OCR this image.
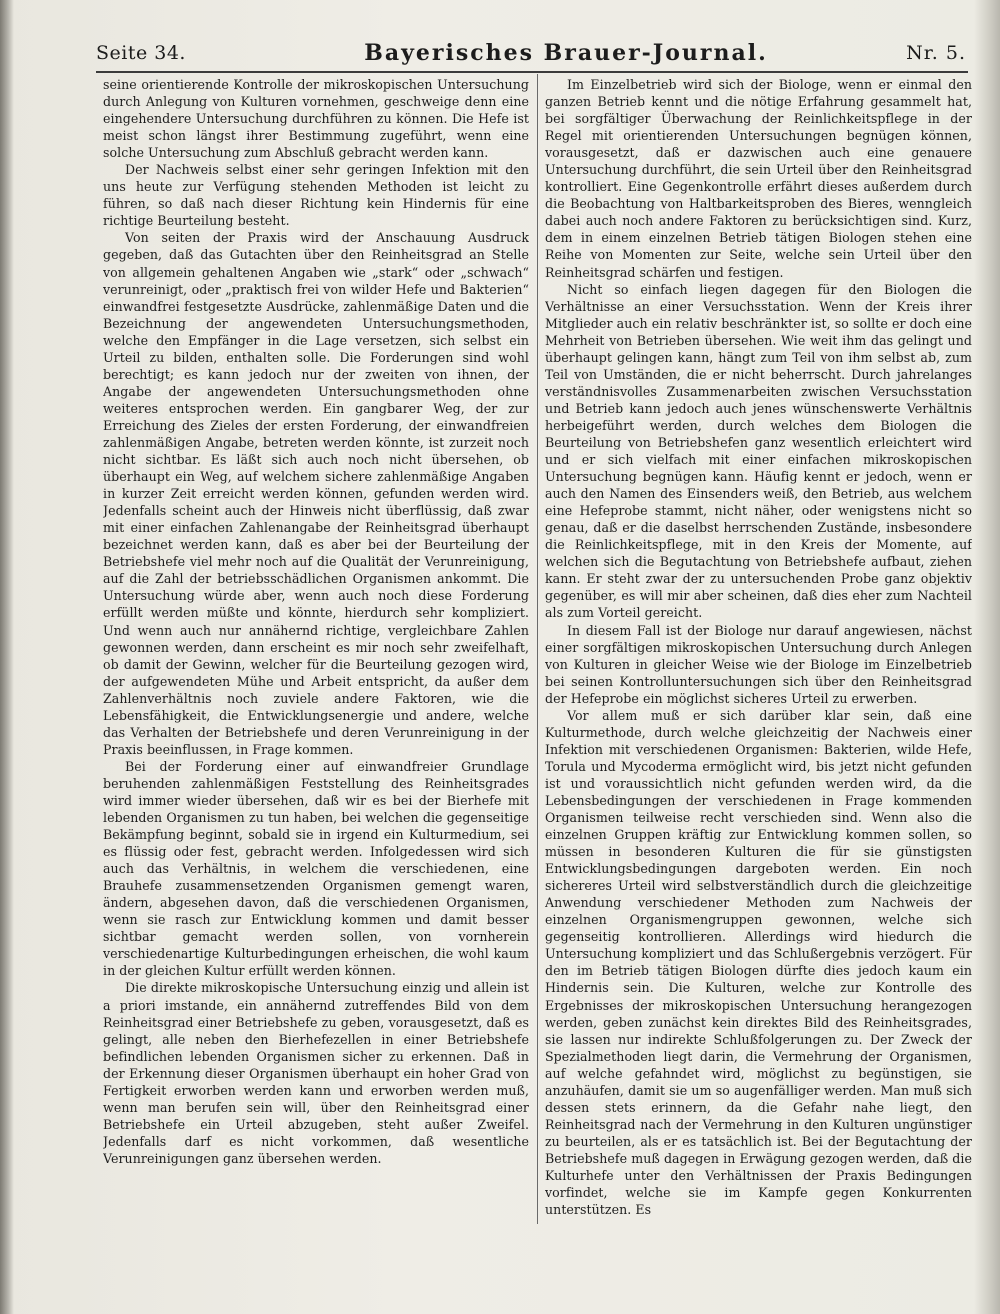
Seite 34.	Bayerisches Brauer-Journal.	Nr. 5.

seine orientierende Kontrolle der mikroskopischen Untersuchung durch Anlegung von Kulturen vornehmen, geschweige denn eine eingehendere Untersuchung durchführen zu können. Die Hefe ist meist schon längst ihrer Bestimmung zugeführt, wenn eine solche Untersuchung zum Abschluß gebracht werden kann.

Der Nachweis selbst einer sehr geringen Infektion mit den uns heute zur Verfügung stehenden Methoden ist leicht zu führen, so daß nach dieser Richtung kein Hindernis für eine richtige Beurteilung besteht.

Von seiten der Praxis wird der Anschauung Ausdruck gegeben, daß das Gutachten über den Reinheitsgrad an Stelle von allgemein gehaltenen Angaben wie „stark“ oder „schwach“ verunreinigt, oder „praktisch frei von wilder Hefe und Bakterien“ einwandfrei festgesetzte Ausdrücke, zahlenmäßige Daten und die Bezeichnung der angewendeten Untersuchungsmethoden, welche den Empfänger in die Lage versetzen, sich selbst ein Urteil zu bilden, enthalten solle. Die Forderungen sind wohl berechtigt; es kann jedoch nur der zweiten von ihnen, der Angabe der angewendeten Untersuchungsmethoden ohne weiteres entsprochen werden. Ein gangbarer Weg, der zur Erreichung des Zieles der ersten Forderung, der einwandfreien zahlenmäßigen Angabe, betreten werden könnte, ist zurzeit noch nicht sichtbar. Es läßt sich auch noch nicht übersehen, ob überhaupt ein Weg, auf welchem sichere zahlenmäßige Angaben in kurzer Zeit erreicht werden können, gefunden werden wird. Jedenfalls scheint auch der Hinweis nicht überflüssig, daß zwar mit einer einfachen Zahlenangabe der Reinheitsgrad überhaupt bezeichnet werden kann, daß es aber bei der Beurteilung der Betriebshefe viel mehr noch auf die Qualität der Verunreinigung, auf die Zahl der betriebsschädlichen Organismen ankommt. Die Untersuchung würde aber, wenn auch noch diese Forderung erfüllt werden müßte und könnte, hierdurch sehr kompliziert. Und wenn auch nur annähernd richtige, vergleichbare Zahlen gewonnen werden, dann erscheint es mir noch sehr zweifelhaft, ob damit der Gewinn, welcher für die Beurteilung gezogen wird, der aufgewendeten Mühe und Arbeit entspricht, da außer dem Zahlenverhältnis noch zuviele andere Faktoren, wie die Lebensfähigkeit, die Entwicklungsenergie und andere, welche das Verhalten der Betriebshefe und deren Verunreinigung in der Praxis beeinflussen, in Frage kommen.

Bei der Forderung einer auf einwandfreier Grundlage beruhenden zahlenmäßigen Feststellung des Reinheitsgrades wird immer wieder übersehen, daß wir es bei der Bierhefe mit lebenden Organismen zu tun haben, bei welchen die gegenseitige Bekämpfung beginnt, sobald sie in irgend ein Kulturmedium, sei es flüssig oder fest, gebracht werden. Infolgedessen wird sich auch das Verhältnis, in welchem die verschiedenen, eine Brauhefe zusammensetzenden Organismen gemengt waren, ändern, abgesehen davon, daß die verschiedenen Organismen, wenn sie rasch zur Entwicklung kommen und damit besser sichtbar gemacht werden sollen, von vornherein verschiedenartige Kulturbedingungen erheischen, die wohl kaum in der gleichen Kultur erfüllt werden können.

Die direkte mikroskopische Untersuchung einzig und allein ist a priori imstande, ein annähernd zutreffendes Bild von dem Reinheitsgrad einer Betriebshefe zu geben, vorausgesetzt, daß es gelingt, alle neben den Bierhefezellen in einer Betriebshefe befindlichen lebenden Organismen sicher zu erkennen. Daß in der Erkennung dieser Organismen überhaupt ein hoher Grad von Fertigkeit erworben werden kann und erworben werden muß, wenn man berufen sein will, über den Reinheitsgrad einer Betriebshefe ein Urteil abzugeben, steht außer Zweifel. Jedenfalls darf es nicht vorkommen, daß wesentliche Verunreinigungen ganz übersehen werden.

Im Einzelbetrieb wird sich der Biologe, wenn er einmal den ganzen Betrieb kennt und die nötige Erfahrung gesammelt hat, bei sorgfältiger Überwachung der Reinlichkeitspflege in der Regel mit orientierenden Untersuchungen begnügen können, vorausgesetzt, daß er dazwischen auch eine genauere Untersuchung durchführt, die sein Urteil über den Reinheitsgrad kontrolliert. Eine Gegenkontrolle erfährt dieses außerdem durch die Beobachtung von Haltbarkeitsproben des Bieres, wenngleich dabei auch noch andere Faktoren zu berücksichtigen sind. Kurz, dem in einem einzelnen Betrieb tätigen Biologen stehen eine Reihe von Momenten zur Seite, welche sein Urteil über den Reinheitsgrad schärfen und festigen.

Nicht so einfach liegen dagegen für den Biologen die Verhältnisse an einer Versuchsstation. Wenn der Kreis ihrer Mitglieder auch ein relativ beschränkter ist, so sollte er doch eine Mehrheit von Betrieben übersehen. Wie weit ihm das gelingt und überhaupt gelingen kann, hängt zum Teil von ihm selbst ab, zum Teil von Umständen, die er nicht beherrscht. Durch jahrelanges verständnisvolles Zusammenarbeiten zwischen Versuchsstation und Betrieb kann jedoch auch jenes wünschenswerte Verhältnis herbeigeführt werden, durch welches dem Biologen die Beurteilung von Betriebshefen ganz wesentlich erleichtert wird und er sich vielfach mit einer einfachen mikroskopischen Untersuchung begnügen kann. Häufig kennt er jedoch, wenn er auch den Namen des Einsenders weiß, den Betrieb, aus welchem eine Hefeprobe stammt, nicht näher, oder wenigstens nicht so genau, daß er die daselbst herrschenden Zustände, insbesondere die Reinlichkeitspflege, mit in den Kreis der Momente, auf welchen sich die Begutachtung von Betriebshefe aufbaut, ziehen kann. Er steht zwar der zu untersuchenden Probe ganz objektiv gegenüber, es will mir aber scheinen, daß dies eher zum Nachteil als zum Vorteil gereicht.

In diesem Fall ist der Biologe nur darauf angewiesen, nächst einer sorgfältigen mikroskopischen Untersuchung durch Anlegen von Kulturen in gleicher Weise wie der Biologe im Einzelbetrieb bei seinen Kontrolluntersuchungen sich über den Reinheitsgrad der Hefeprobe ein möglichst sicheres Urteil zu erwerben.

Vor allem muß er sich darüber klar sein, daß eine Kulturmethode, durch welche gleichzeitig der Nachweis einer Infektion mit verschiedenen Organismen: Bakterien, wilde Hefe, Torula und Mycoderma ermöglicht wird, bis jetzt nicht gefunden ist und voraussichtlich nicht gefunden werden wird, da die Lebensbedingungen der verschiedenen in Frage kommenden Organismen teilweise recht verschieden sind. Wenn also die einzelnen Gruppen kräftig zur Entwicklung kommen sollen, so müssen in besonderen Kulturen die für sie günstigsten Entwicklungsbedingungen dargeboten werden. Ein noch sichereres Urteil wird selbstverständlich durch die gleichzeitige Anwendung verschiedener Methoden zum Nachweis der einzelnen Organismengruppen gewonnen, welche sich gegenseitig kontrollieren. Allerdings wird hiedurch die Untersuchung kompliziert und das Schlußergebnis verzögert. Für den im Betrieb tätigen Biologen dürfte dies jedoch kaum ein Hindernis sein. Die Kulturen, welche zur Kontrolle des Ergebnisses der mikroskopischen Untersuchung herangezogen werden, geben zunächst kein direktes Bild des Reinheitsgrades, sie lassen nur indirekte Schlußfolgerungen zu. Der Zweck der Spezialmethoden liegt darin, die Vermehrung der Organismen, auf welche gefahndet wird, möglichst zu begünstigen, sie anzuhäufen, damit sie um so augenfälliger werden. Man muß sich dessen stets erinnern, da die Gefahr nahe liegt, den Reinheitsgrad nach der Vermehrung in den Kulturen ungünstiger zu beurteilen, als er es tatsächlich ist. Bei der Begutachtung der Betriebshefe muß dagegen in Erwägung gezogen werden, daß die Kulturhefe unter den Verhältnissen der Praxis Bedingungen vorfindet, welche sie im Kampfe gegen Konkurrenten unterstützen. Es
